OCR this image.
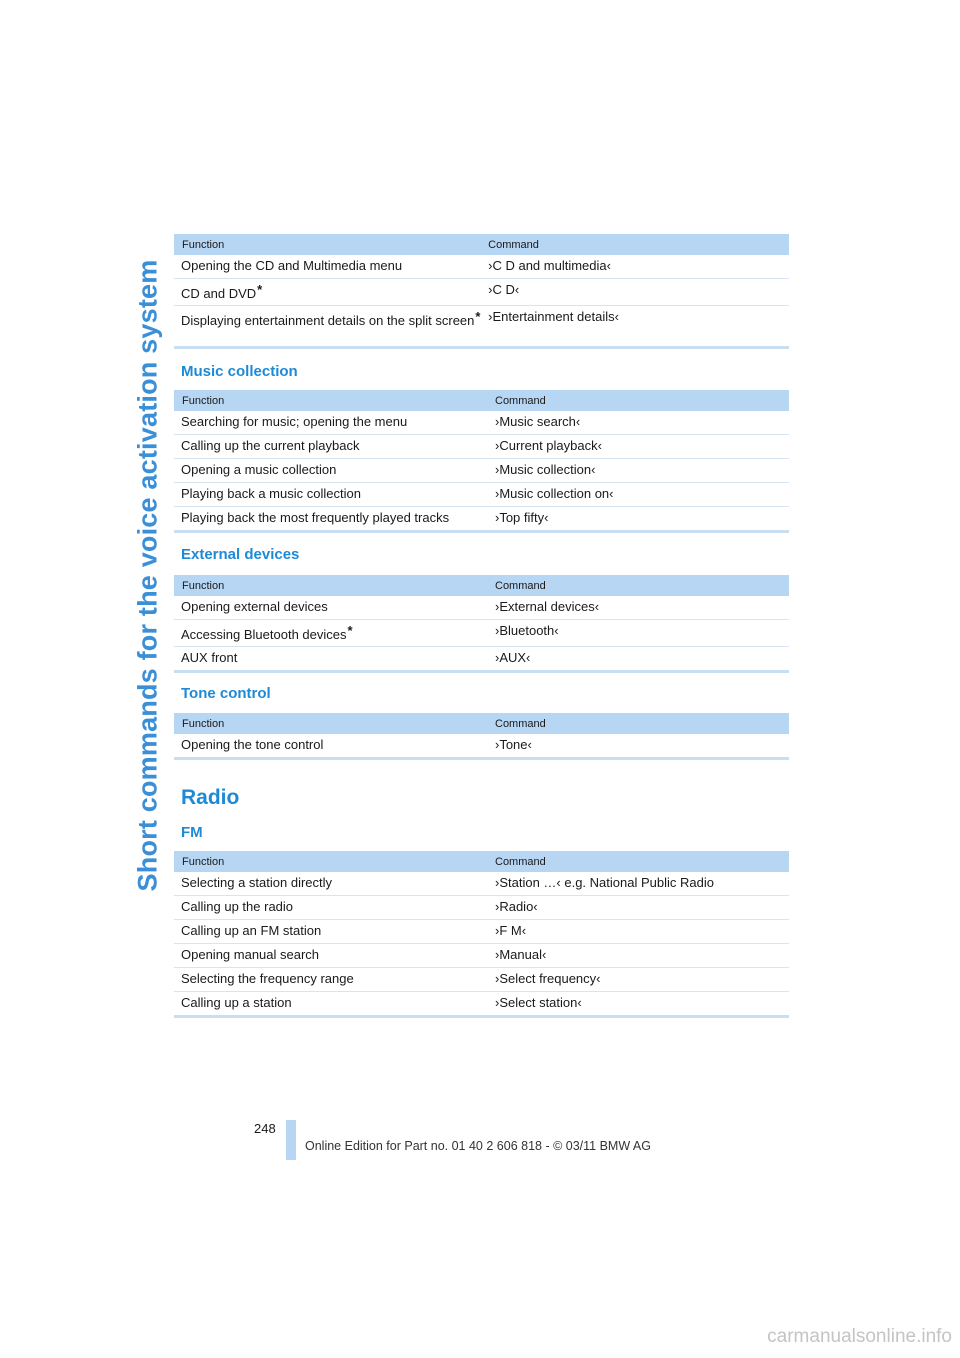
Short commands for the voice activation system
Function	Command
Opening the CD and Multimedia menu	›C D and multimedia‹
CD and DVD*	›C D‹
Displaying entertainment details on the split screen*	›Entertainment details‹
Music collection
Function	Command
Searching for music; opening the menu	›Music search‹
Calling up the current playback	›Current playback‹
Opening a music collection	›Music collection‹
Playing back a music collection	›Music collection on‹
Playing back the most frequently played tracks	›Top fifty‹
External devices
Function	Command
Opening external devices	›External devices‹
Accessing Bluetooth devices*	›Bluetooth‹
AUX front	›AUX‹
Tone control
Function	Command
Opening the tone control	›Tone‹
Radio
FM
Function	Command
Selecting a station directly	›Station …‹ e.g. National Public Radio
Calling up the radio	›Radio‹
Calling up an FM station	›F M‹
Opening manual search	›Manual‹
Selecting the frequency range	›Select frequency‹
Calling up a station	›Select station‹
248
Online Edition for Part no. 01 40 2 606 818 - © 03/11 BMW AG
carmanualsonline.info
